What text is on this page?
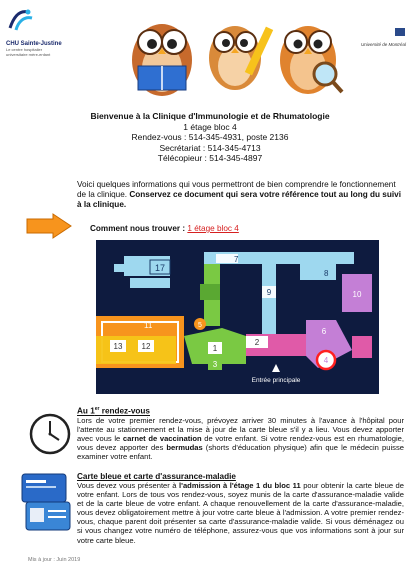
CHU Sainte-Justine
Le centre hospitalier
universitaire mère-enfant
Université de Montréal
Bienvenue à la Clinique d'Immunologie et de Rhumatologie
1 étage bloc 4
Rendez-vous : 514-345-4931, poste 2136
Secrétariat : 514-345-4713
Télécopieur : 514-345-4897
Voici quelques informations qui vous permettront de bien comprendre le fonctionnement de la clinique. Conservez ce document qui sera votre référence tout au long du suivi à la clinique.
Comment nous trouver : 1 étage bloc 4
17
7
9
8
10
11
13 12	1
3
5
2
6
4
Entrée principale
Au 1er rendez-vous
Lors de votre premier rendez-vous, prévoyez arriver 30 minutes à l'avance à l'hôpital pour l'attente au stationnement et la mise à jour de la carte bleue s'il y a lieu. Vous devez apporter avec vous le carnet de vaccination de votre enfant. Si votre rendez-vous est en rhumatologie, vous devez apporter des bermudas (shorts d'éducation physique) afin que le médecin puisse examiner votre enfant.
Carte bleue et carte d'assurance-maladie
Vous devez vous présenter à l'admission à l'étage 1 du bloc 11 pour obtenir la carte bleue de votre enfant. Lors de tous vos rendez-vous, soyez munis de la carte d'assurance-maladie valide et de la carte bleue de votre enfant. A chaque renouvellement de la carte d'assurance-maladie, vous devez obligatoirement mettre à jour votre carte bleue à l'admission. A votre premier rendez-vous, chaque parent doit présenter sa carte d'assurance-maladie valide. Si vous déménagez ou si vous changez votre numéro de téléphone, assurez-vous que vos informations sont à jour sur votre carte bleue.
Mis à jour : Juin 2019
